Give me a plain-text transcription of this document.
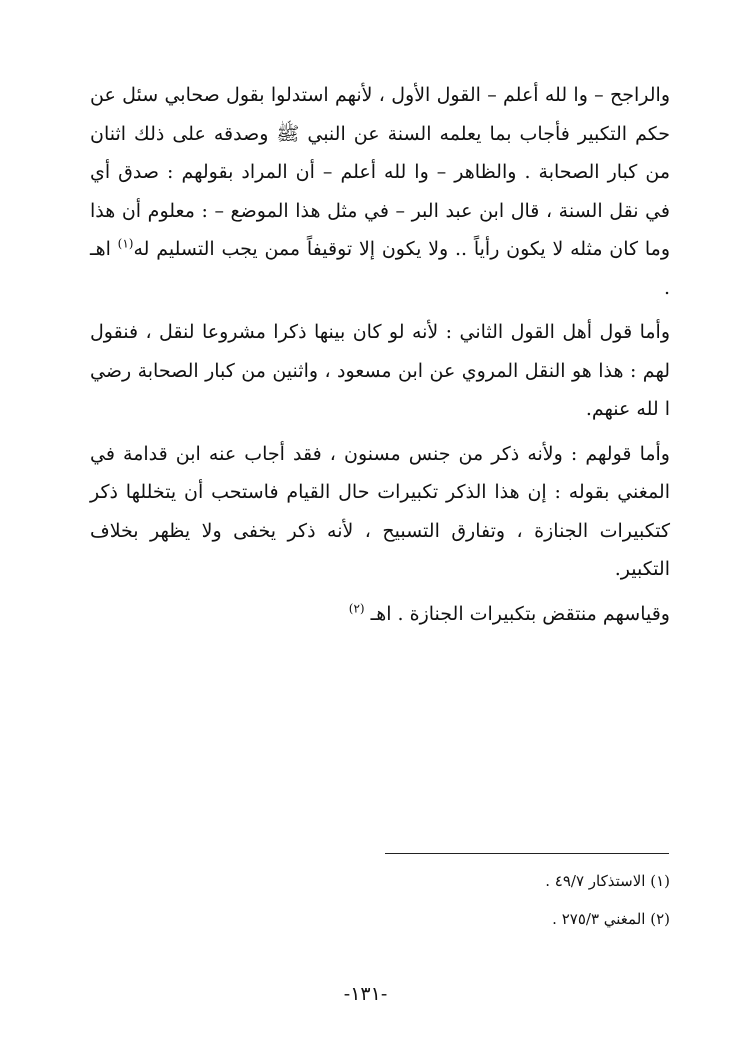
والراجح – وا لله أعلم – القول الأول ، لأنهم استدلوا بقول صحابي سئل عن حكم التكبير فأجاب بما يعلمه السنة عن النبي ﷺ وصدقه على ذلك اثنان من كبار الصحابة . والظاهر – وا لله أعلم – أن المراد بقولهم : صدق أي في نقل السنة ، قال ابن عبد البر – في مثل هذا الموضع – : معلوم أن هذا وما كان مثله لا يكون رأياً .. ولا يكون إلا توقيفاً ممن يجب التسليم له$^{(١)}$ اهـ .

وأما قول أهل القول الثاني : لأنه لو كان بينها ذكرا مشروعا لنقل ، فنقول لهم : هذا هو النقل المروي عن ابن مسعود ، واثنين من كبار الصحابة رضي ا لله عنهم.

وأما قولهم : ولأنه ذكر من جنس مسنون ، فقد أجاب عنه ابن قدامة في المغني بقوله : إن هذا الذكر تكبيرات حال القيام فاستحب أن يتخللها ذكر كتكبيرات الجنازة ، وتفارق التسبيح ، لأنه ذكر يخفى ولا يظهر بخلاف التكبير.

وقياسهم منتقض بتكبيرات الجنازة . اهـ $^{(٢)}$

(١) الاستذكار ٤٩/٧ .

(٢) المغني ٢٧٥/٣ .

-١٣١-
